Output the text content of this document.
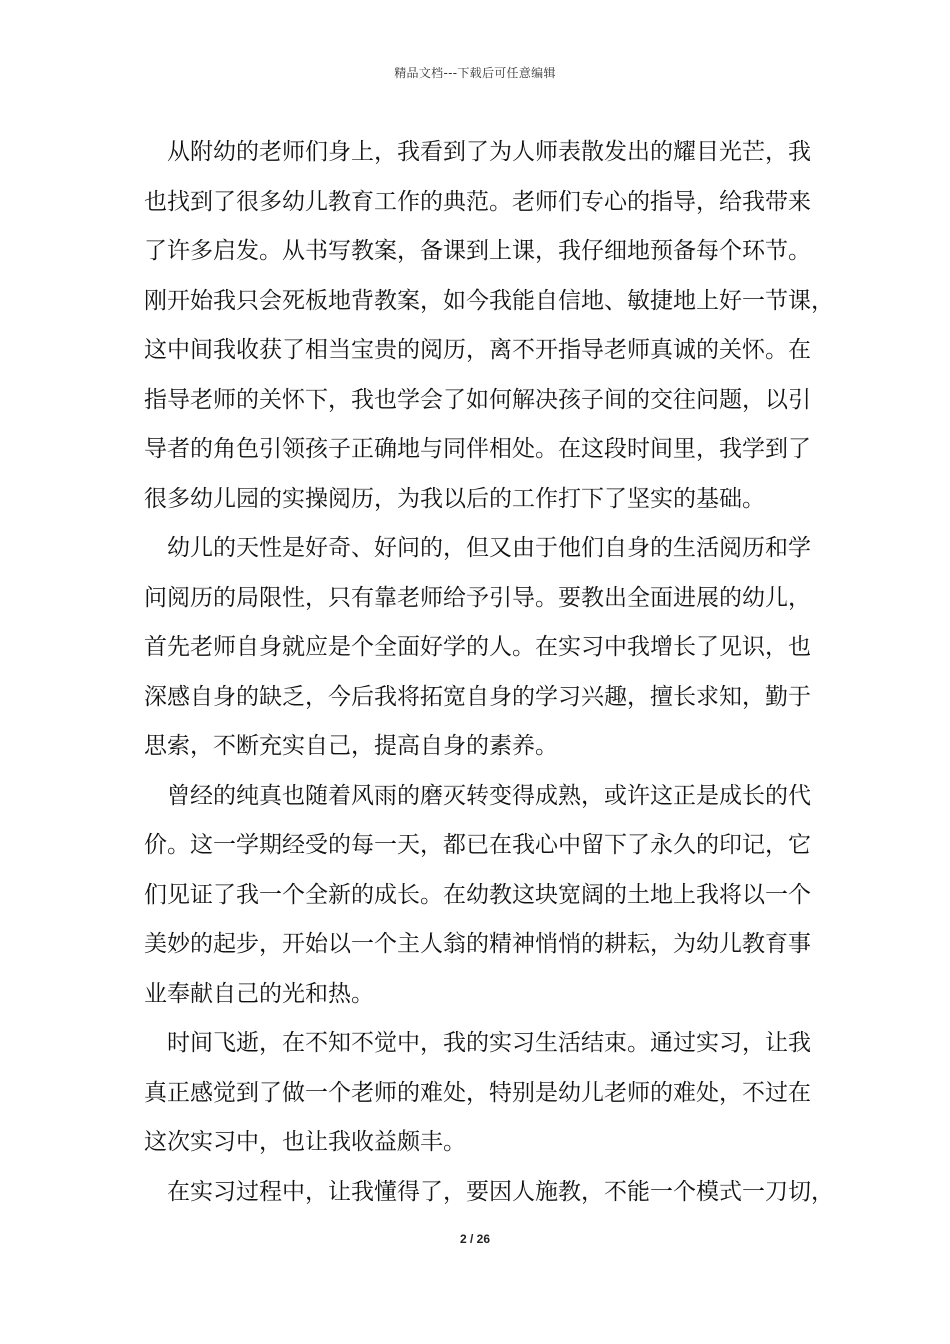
精品文档---下载后可任意编辑
从附幼的老师们身上，我看到了为人师表散发出的耀目光芒，我
也找到了很多幼儿教育工作的典范。老师们专心的指导，给我带来
了许多启发。从书写教案，备课到上课，我仔细地预备每个环节。
刚开始我只会死板地背教案，如今我能自信地、敏捷地上好一节课，
这中间我收获了相当宝贵的阅历，离不开指导老师真诚的关怀。在
指导老师的关怀下，我也学会了如何解决孩子间的交往问题，以引
导者的角色引领孩子正确地与同伴相处。在这段时间里，我学到了
很多幼儿园的实操阅历，为我以后的工作打下了坚实的基础。
幼儿的天性是好奇、好问的，但又由于他们自身的生活阅历和学
问阅历的局限性，只有靠老师给予引导。要教出全面进展的幼儿，
首先老师自身就应是个全面好学的人。在实习中我增长了见识，也
深感自身的缺乏，今后我将拓宽自身的学习兴趣，擅长求知，勤于
思索，不断充实自己，提高自身的素养。
曾经的纯真也随着风雨的磨灭转变得成熟，或许这正是成长的代
价。这一学期经受的每一天，都已在我心中留下了永久的印记，它
们见证了我一个全新的成长。在幼教这块宽阔的土地上我将以一个
美妙的起步，开始以一个主人翁的精神悄悄的耕耘，为幼儿教育事
业奉献自己的光和热。
时间飞逝，在不知不觉中，我的实习生活结束。通过实习，让我
真正感觉到了做一个老师的难处，特别是幼儿老师的难处，不过在
这次实习中，也让我收益颇丰。
在实习过程中，让我懂得了，要因人施教，不能一个模式一刀切，
2 / 26
